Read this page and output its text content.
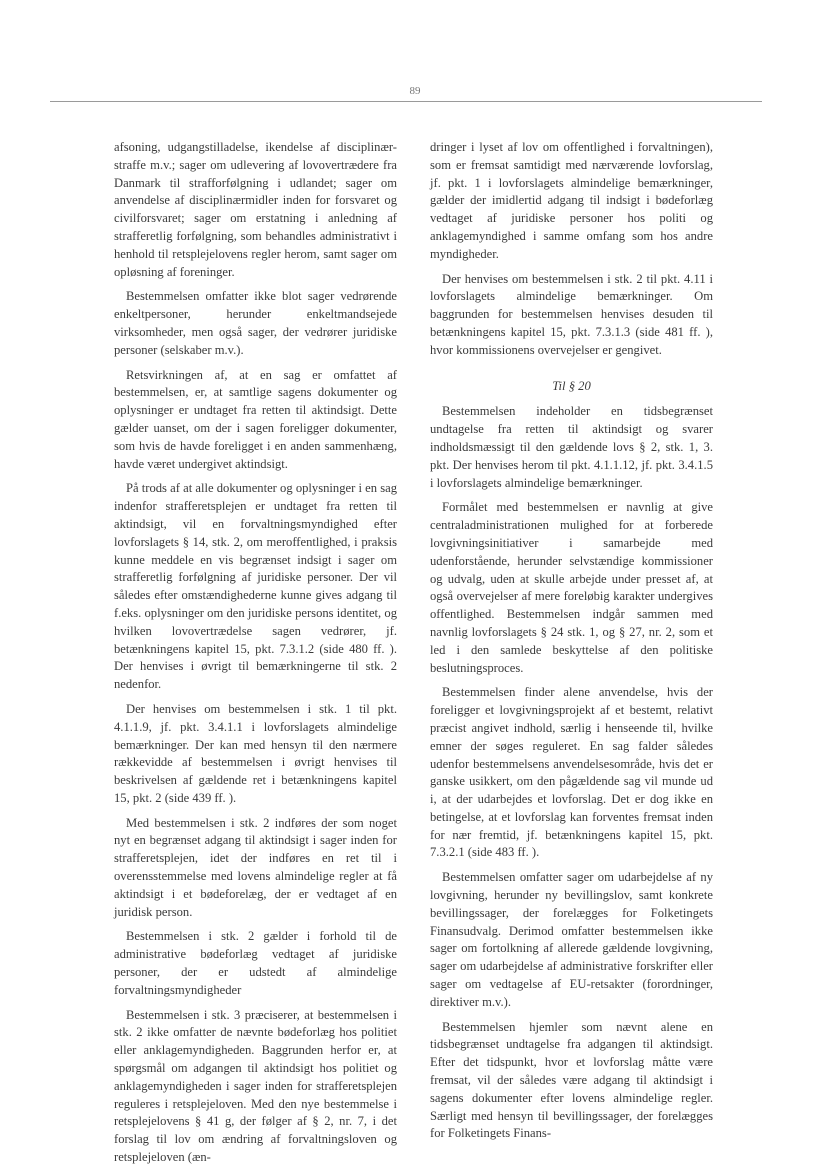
89

afsoning, udgangstilladelse, ikendelse af disciplinær-straffe m.v.; sager om udlevering af lovovertrædere fra Danmark til strafforfølgning i udlandet; sager om anvendelse af disciplinærmidler inden for forsvaret og civilforsvaret; sager om erstatning i anledning af strafferetlig forfølgning, som behandles administrativt i henhold til retsplejelovens regler herom, samt sager om opløsning af foreninger.

Bestemmelsen omfatter ikke blot sager vedrørende enkeltpersoner, herunder enkeltmandsejede virksomheder, men også sager, der vedrører juridiske personer (selskaber m.v.).

Retsvirkningen af, at en sag er omfattet af bestemmelsen, er, at samtlige sagens dokumenter og oplysninger er undtaget fra retten til aktindsigt. Dette gælder uanset, om der i sagen foreligger dokumenter, som hvis de havde foreligget i en anden sammenhæng, havde været undergivet aktindsigt.

På trods af at alle dokumenter og oplysninger i en sag indenfor strafferetsplejen er undtaget fra retten til aktindsigt, vil en forvaltningsmyndighed efter lovforslagets § 14, stk. 2, om meroffentlighed, i praksis kunne meddele en vis begrænset indsigt i sager om strafferetlig forfølgning af juridiske personer. Der vil således efter omstændighederne kunne gives adgang til f.eks. oplysninger om den juridiske persons identitet, og hvilken lovovertrædelse sagen vedrører, jf. betænkningens kapitel 15, pkt. 7.3.1.2 (side 480 ff. ). Der henvises i øvrigt til bemærkningerne til stk. 2 nedenfor.

Der henvises om bestemmelsen i stk. 1 til pkt. 4.1.1.9, jf. pkt. 3.4.1.1 i lovforslagets almindelige bemærkninger. Der kan med hensyn til den nærmere rækkevidde af bestemmelsen i øvrigt henvises til beskrivelsen af gældende ret i betænkningens kapitel 15, pkt. 2 (side 439 ff. ).

Med bestemmelsen i stk. 2 indføres der som noget nyt en begrænset adgang til aktindsigt i sager inden for strafferetsplejen, idet der indføres en ret til i overensstemmelse med lovens almindelige regler at få aktindsigt i et bødeforelæg, der er vedtaget af en juridisk person.

Bestemmelsen i stk. 2 gælder i forhold til de administrative bødeforlæg vedtaget af juridiske personer, der er udstedt af almindelige forvaltningsmyndigheder

Bestemmelsen i stk. 3 præciserer, at bestemmelsen i stk. 2 ikke omfatter de nævnte bødeforlæg hos politiet eller anklagemyndigheden. Baggrunden herfor er, at spørgsmål om adgangen til aktindsigt hos politiet og anklagemyndigheden i sager inden for strafferetsplejen reguleres i retsplejeloven. Med den nye bestemmelse i retsplejelovens § 41 g, der følger af § 2, nr. 7, i det forslag til lov om ændring af forvaltningsloven og retsplejeloven (æn-

dringer i lyset af lov om offentlighed i forvaltningen), som er fremsat samtidigt med nærværende lovforslag, jf. pkt. 1 i lovforslagets almindelige bemærkninger, gælder der imidlertid adgang til indsigt i bødeforlæg vedtaget af juridiske personer hos politi og anklagemyndighed i samme omfang som hos andre myndigheder.

Der henvises om bestemmelsen i stk. 2 til pkt. 4.11 i lovforslagets almindelige bemærkninger. Om baggrunden for bestemmelsen henvises desuden til betænkningens kapitel 15, pkt. 7.3.1.3 (side 481 ff. ), hvor kommissionens overvejelser er gengivet.

Til § 20

Bestemmelsen indeholder en tidsbegrænset undtagelse fra retten til aktindsigt og svarer indholdsmæssigt til den gældende lovs § 2, stk. 1, 3. pkt. Der henvises herom til pkt. 4.1.1.12, jf. pkt. 3.4.1.5 i lovforslagets almindelige bemærkninger.

Formålet med bestemmelsen er navnlig at give centraladministrationen mulighed for at forberede lovgivningsinitiativer i samarbejde med udenforstående, herunder selvstændige kommissioner og udvalg, uden at skulle arbejde under presset af, at også overvejelser af mere foreløbig karakter undergives offentlighed. Bestemmelsen indgår sammen med navnlig lovforslagets § 24 stk. 1, og § 27, nr. 2, som et led i den samlede beskyttelse af den politiske beslutningsproces.

Bestemmelsen finder alene anvendelse, hvis der foreligger et lovgivningsprojekt af et bestemt, relativt præcist angivet indhold, særlig i henseende til, hvilke emner der søges reguleret. En sag falder således udenfor bestemmelsens anvendelsesområde, hvis det er ganske usikkert, om den pågældende sag vil munde ud i, at der udarbejdes et lovforslag. Det er dog ikke en betingelse, at et lovforslag kan forventes fremsat inden for nær fremtid, jf. betænkningens kapitel 15, pkt. 7.3.2.1 (side 483 ff. ).

Bestemmelsen omfatter sager om udarbejdelse af ny lovgivning, herunder ny bevillingslov, samt konkrete bevillingssager, der forelægges for Folketingets Finansudvalg. Derimod omfatter bestemmelsen ikke sager om fortolkning af allerede gældende lovgivning, sager om udarbejdelse af administrative forskrifter eller sager om vedtagelse af EU-retsakter (forordninger, direktiver m.v.).

Bestemmelsen hjemler som nævnt alene en tidsbegrænset undtagelse fra adgangen til aktindsigt. Efter det tidspunkt, hvor et lovforslag måtte være fremsat, vil der således være adgang til aktindsigt i sagens dokumenter efter lovens almindelige regler. Særligt med hensyn til bevillingssager, der forelægges for Folketingets Finans-
